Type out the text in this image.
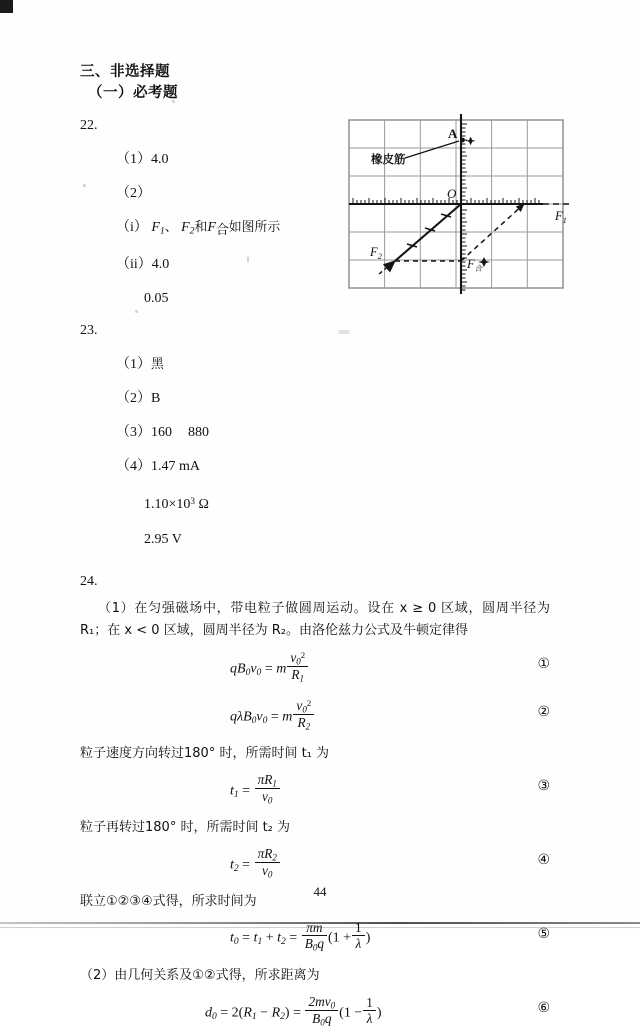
三、非选择题
（一）必考题
22.
（1）4.0
（2）
（i） $F_1$、 $F_2$和$F_合$如图所示
（ii）4.0
0.05
23.
（1）黑
（2）B
（3）160 880
（4）1.47 mA
$1.10\times 10^3$ Ω
2.95 V
24.
（1）在匀强磁场中，带电粒子做圆周运动。设在 x ≥ 0 区域，圆周半径为 R₁；在 x < 0 区域，圆周半径为 R₂。由洛伦兹力公式及牛顿定律得
$qB_0v_0 = m \frac{v_0^2}{R_1}$	①
$q\lambda B_0v_0 = m \frac{v_0^2}{R_2}$	②
粒子速度方向转过180° 时，所需时间 t₁ 为
$t_1 = \frac{\pi R_1}{v_0}$	③
粒子再转过180° 时，所需时间 t₂ 为
$t_2 = \frac{\pi R_2}{v_0}$	④
联立①②③④式得，所求时间为
$t_0 = t_1 + t_2 = \frac{\pi m}{B_0q} (1 + \frac{1}{\lambda}$ )	⑤
（2）由几何关系及①②式得，所求距离为
$d_0 = 2(R_1 - R_2) = \frac{2mv_0}{B_0q} (1 - \frac{1}{\lambda}$ )	⑥
A
橡皮筋
O
$F_1$
$F_2$
$F_合$
44
